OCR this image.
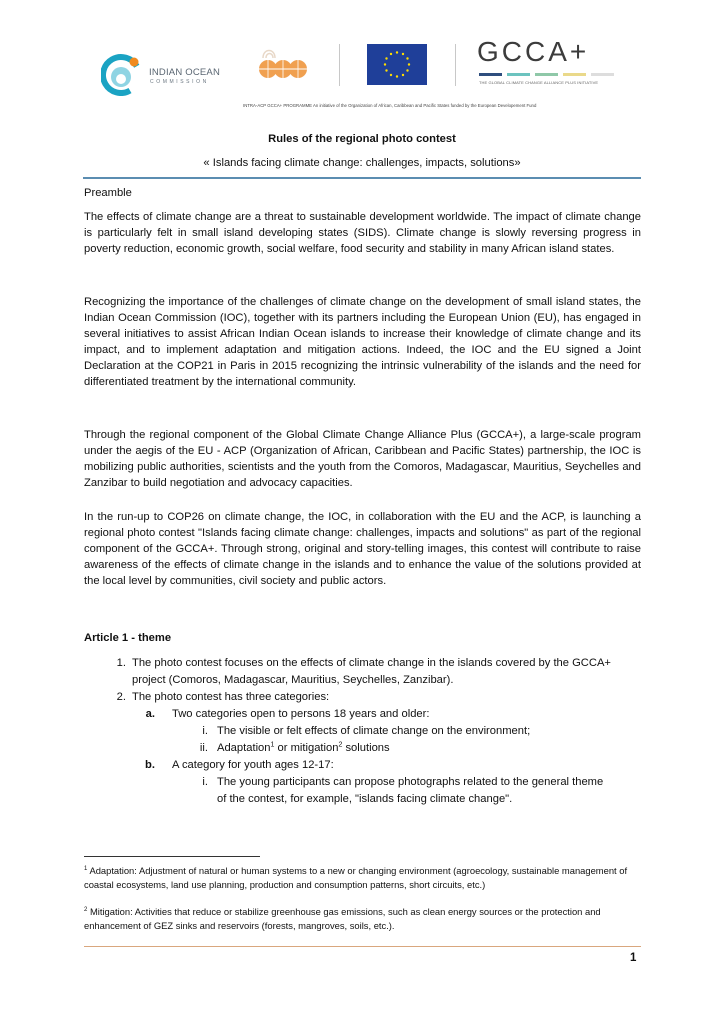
INDIAN OCEAN
COMMISSION
GCCA+
THE GLOBAL CLIMATE CHANGE ALLIANCE PLUS INITIATIVE
INTRA-ACP GCCA+ PROGRAMME An initiative of the Organization of African, Caribbean and Pacific States funded by the European Developement Fund
Rules of the regional photo contest
« Islands facing climate change: challenges, impacts, solutions»
Preamble

The effects of climate change are a threat to sustainable development worldwide. The impact of climate change is particularly felt in small island developing states (SIDS). Climate change is slowly reversing progress in poverty reduction, economic growth, social welfare, food security and stability in many African island states.

Recognizing the importance of the challenges of climate change on the development of small island states, the Indian Ocean Commission (IOC), together with its partners including the European Union (EU), has engaged in several initiatives to assist African Indian Ocean islands to increase their knowledge of climate change and its impact, and to implement adaptation and mitigation actions. Indeed, the IOC and the EU signed a Joint Declaration at the COP21 in Paris in 2015 recognizing the intrinsic vulnerability of the islands and the need for differentiated treatment by the international community.

Through the regional component of the Global Climate Change Alliance Plus (GCCA+), a large-scale program under the aegis of the EU - ACP (Organization of African, Caribbean and Pacific States) partnership, the IOC is mobilizing public authorities, scientists and the youth from the Comoros, Madagascar, Mauritius, Seychelles and Zanzibar to build negotiation and advocacy capacities.

In the run-up to COP26 on climate change, the IOC, in collaboration with the EU and the ACP, is launching a regional photo contest "Islands facing climate change: challenges, impacts and solutions" as part of the regional component of the GCCA+. Through strong, original and story-telling images, this contest will contribute to raise awareness of the effects of climate change in the islands and to enhance the value of the solutions provided at the local level by communities, civil society and public actors.

Article 1 - theme
1. The photo contest focuses on the effects of climate change in the islands covered by the GCCA+
project (Comoros, Madagascar, Mauritius, Seychelles, Zanzibar).
2. The photo contest has three categories:
a. Two categories open to persons 18 years and older:
i. The visible or felt effects of climate change on the environment;
ii. Adaptation$^1$ or mitigation$^2$ solutions
b. A category for youth ages 12-17:
i. The young participants can propose photographs related to the general theme
of the contest, for example, "islands facing climate change".
$^1$ Adaptation: Adjustment of natural or human systems to a new or changing environment (agroecology, sustainable management of coastal ecosystems, land use planning, production and consumption patterns, short circuits, etc.)
$^2$ Mitigation: Activities that reduce or stabilize greenhouse gas emissions, such as clean energy sources or the protection and enhancement of GEZ sinks and reservoirs (forests, mangroves, soils, etc.).
1
